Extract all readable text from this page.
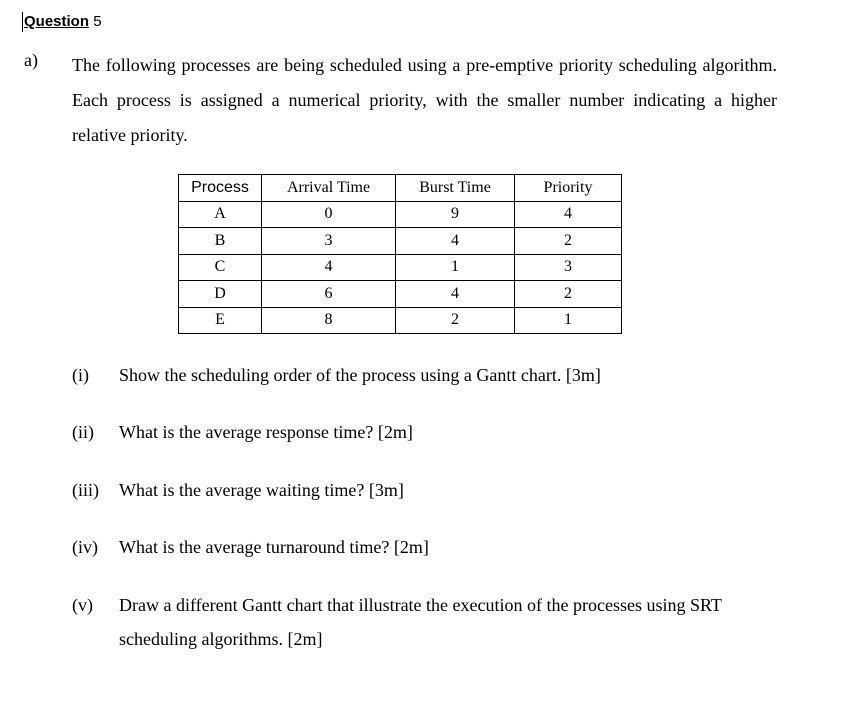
Question 5
a) The following processes are being scheduled using a pre-emptive priority scheduling algorithm. Each process is assigned a numerical priority, with the smaller number indicating a higher relative priority.
Process	Arrival Time	Burst Time	Priority
A	0	9	4
B	3	4	2
C	4	1	3
D	6	4	2
E	8	2	1
(i) Show the scheduling order of the process using a Gantt chart. [3m]
(ii) What is the average response time? [2m]
(iii) What is the average waiting time? [3m]
(iv) What is the average turnaround time? [2m]
(v) Draw a different Gantt chart that illustrate the execution of the processes using SRT scheduling algorithms. [2m]
